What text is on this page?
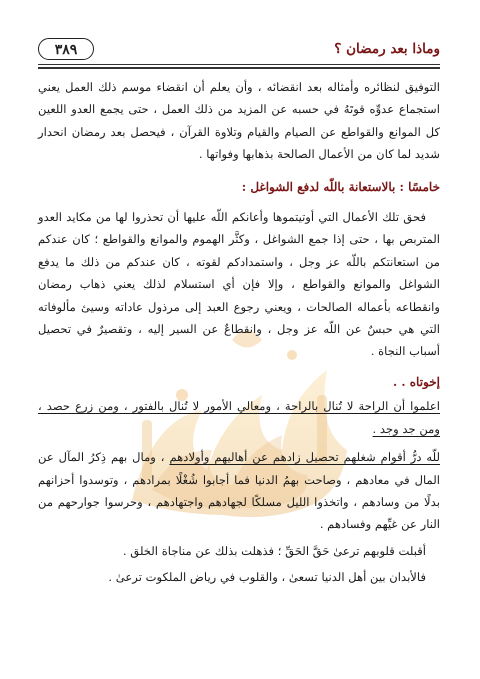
وماذا بعد رمضان ؟
٣٨٩

التوفيق لنظائره وأمثاله بعد انقضائه ، وأن يعلم أن انقضاء موسم ذلك العمل يعني استجماع عدوِّه قوتَهُ في حسبه عن المزيد من ذلك العمل ، حتى يجمع العدو اللعين كل الموانع والقواطع عن الصيام والقيام وتلاوة القرآن ، فيحصل بعد رمضان انحدار شديد لما كان من الأعمال الصالحة بذهابها وفواتها .

خامسًا : بالاستعانة باللّه لدفع الشواغل :

فحق تلك الأعمال التي أوتيتموها وأعانكم اللّه عليها أن تحذروا لها من مكايد العدو المتربص بها ، حتى إذا جمع الشواغل ، وكثَّر الهموم والموانع والقواطع ؛ كان عندكم من استعانتكم باللّه عز وجل ، واستمدادكم لقوته ، كان عندكم من ذلك ما يدفع الشواغل والموانع والقواطع ، وإلا فإن أي استسلام لذلك يعني ذهاب رمضان وانقطاعه بأعماله الصالحات ، ويعني رجوع العبد إلى مرذول عاداته وسيئ مألوفاته التي هي حبسٌ عن اللّه عز وجل ، وانقطاعٌ عن السير إليه ، وتقصيرٌ في تحصيل أسباب النجاة .

إخوتاه . .

اعلموا أن الراحة لا تُنال بالراحة ، ومعالي الأمور لا تُنال بالفتور ، ومن زرع حصد ، ومن جد وجد .

للّه درُّ أقوام شغلهم تحصيل زادهم عن أهاليهم وأولادهم ، ومال بهم ذِكرُ المآل عن المال في معادهم ، وصاحت بهمُ الدنيا فما أجابوا شُغْلًا بمرادهم ، وتوسدوا أحزانهم بدلًا من وسادهم ، واتخذوا الليل مسلكًا لجهادهم واجتهادهم ، وحرسوا جوارحهم من النار عن غيِّهم وفسادهم .

أقبلت قلوبهم ترعىٰ حَقَّ الحَقِّ ؛ فذهلت بذلك عن مناجاة الخلق .

فالأبدان بين أهل الدنيا تسعىٰ ، والقلوب في رياض الملكوت ترعىٰ .
